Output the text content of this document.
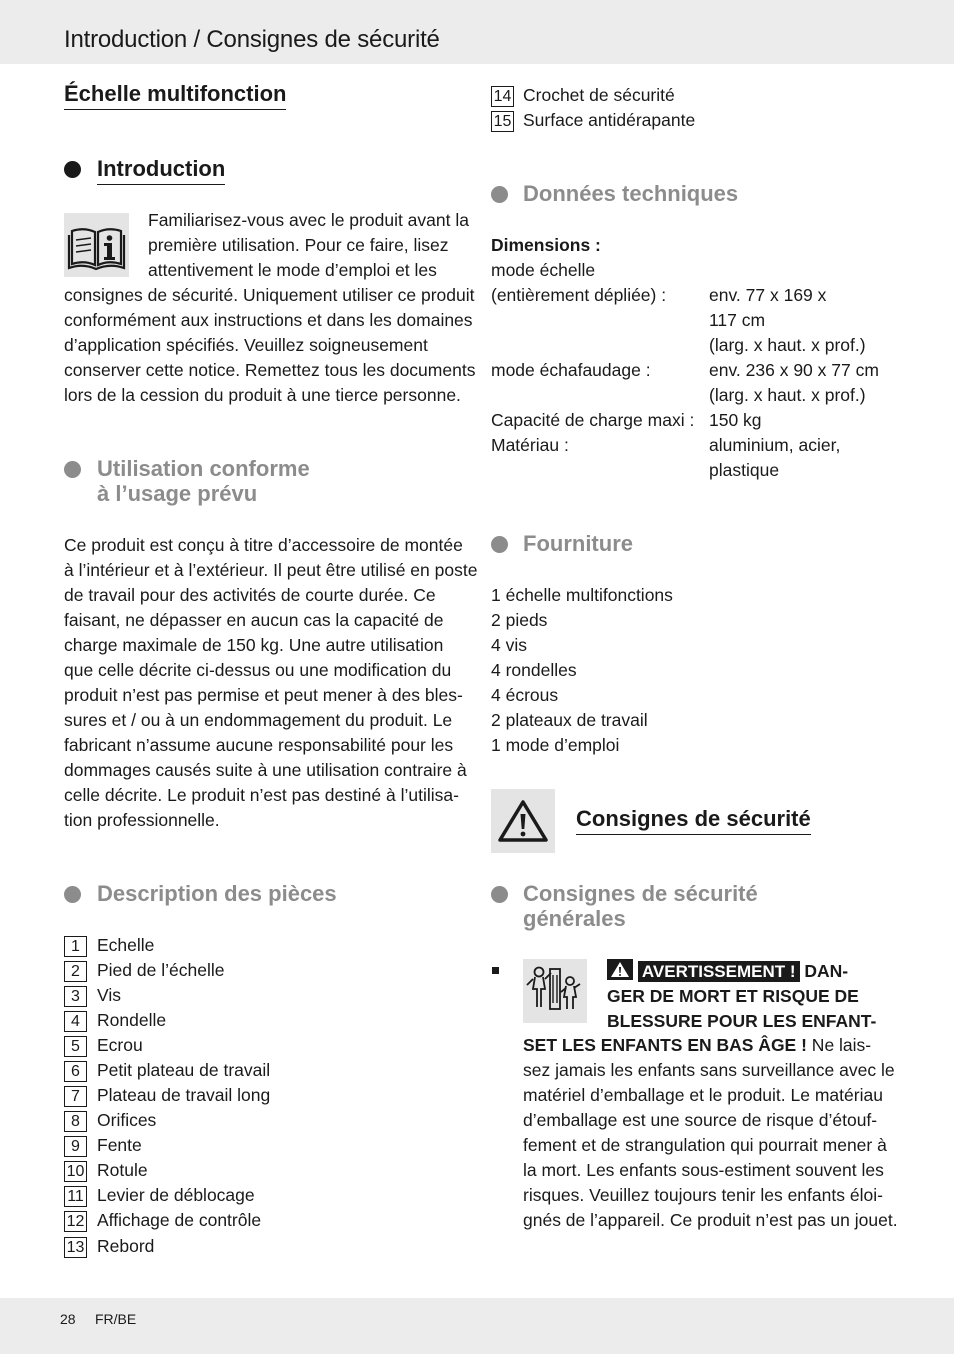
Introduction / Consignes de sécurité
28 FR/BE
Échelle multifonction
Introduction
Familiarisez-vous avec le produit avant la
première utilisation. Pour ce faire, lisez
attentivement le mode d’emploi et les
consignes de sécurité. Uniquement utiliser ce produit
conformément aux instructions et dans les domaines
d’application spécifiés. Veuillez soigneusement
conserver cette notice. Remettez tous les documents
lors de la cession du produit à une tierce personne.
Utilisation conforme
à l’usage prévu
Ce produit est conçu à titre d’accessoire de montée
à l’intérieur et à l’extérieur. Il peut être utilisé en poste
de travail pour des activités de courte durée. Ce
faisant, ne dépasser en aucun cas la capacité de
charge maximale de 150 kg. Une autre utilisation
que celle décrite ci-dessus ou une modification du
produit n’est pas permise et peut mener à des bles-
sures et / ou à un endommagement du produit. Le
fabricant n’assume aucune responsabilité pour les
dommages causés suite à une utilisation contraire à
celle décrite. Le produit n’est pas destiné à l’utilisa-
tion professionnelle.
Description des pièces
1 Echelle
2 Pied de l’échelle
3 Vis
4 Rondelle
5 Ecrou
6 Petit plateau de travail
7 Plateau de travail long
8 Orifices
9 Fente
10 Rotule
11 Levier de déblocage
12 Affichage de contrôle
13 Rebord
14 Crochet de sécurité
15 Surface antidérapante
Données techniques
Dimensions :
mode échelle
(entièrement dépliée) : env. 77 x 169 x
117 cm
(larg. x haut. x prof.)
mode échafaudage :	env. 236 x 90 x 77 cm
(larg. x haut. x prof.)
Capacité de charge maxi : 150 kg
Matériau :	aluminium, acier,
plastique
Fourniture
1 échelle multifonctions
2 pieds
4 vis
4 rondelles
4 écrous
2 plateaux de travail
1 mode d’emploi
Consignes de sécurité
Consignes de sécurité
générales
AVERTISSEMENT ! DAN-
GER DE MORT ET RISQUE DE
BLESSURE POUR LES ENFANT-
SET LES ENFANTS EN BAS ÂGE ! Ne lais-
sez jamais les enfants sans surveillance avec le
matériel d’emballage et le produit. Le matériau
d’emballage est une source de risque d’étouf-
fement et de strangulation qui pourrait mener à
la mort. Les enfants sous-estiment souvent les
risques. Veuillez toujours tenir les enfants éloi-
gnés de l’appareil. Ce produit n’est pas un jouet.
